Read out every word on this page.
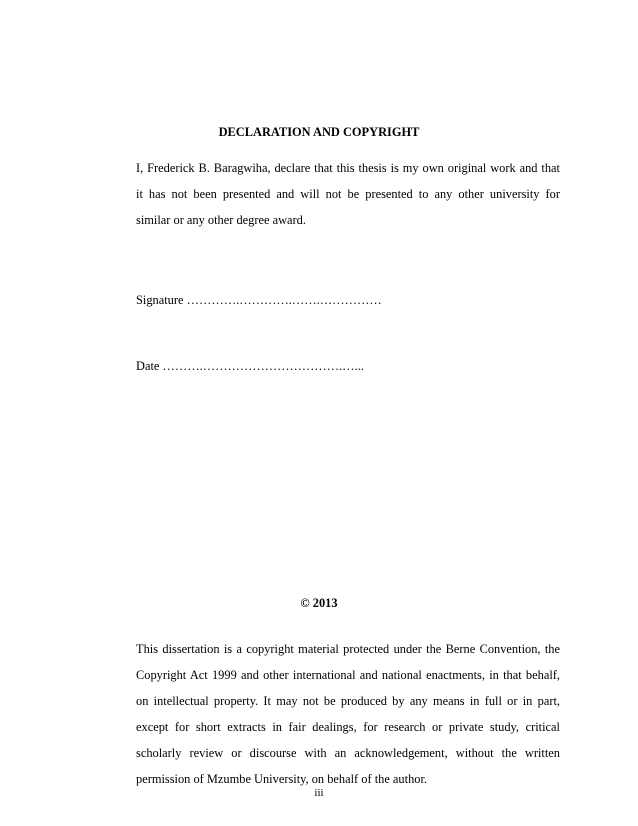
DECLARATION AND COPYRIGHT
I, Frederick B. Baragwiha, declare that this thesis is my own original work and that
it has not been presented and will not be presented to any other university for
similar or any other degree award.
Signature ………….………….…….……………
Date ……….…………………………….…...
© 2013
This dissertation is a copyright material protected under the Berne Convention, the
Copyright Act 1999 and other international and national enactments, in that behalf,
on intellectual property. It may not be produced by any means in full or in part,
except for short extracts in fair dealings, for research or private study, critical
scholarly review or discourse with an acknowledgement, without the written
permission of Mzumbe University, on behalf of the author.
iii
